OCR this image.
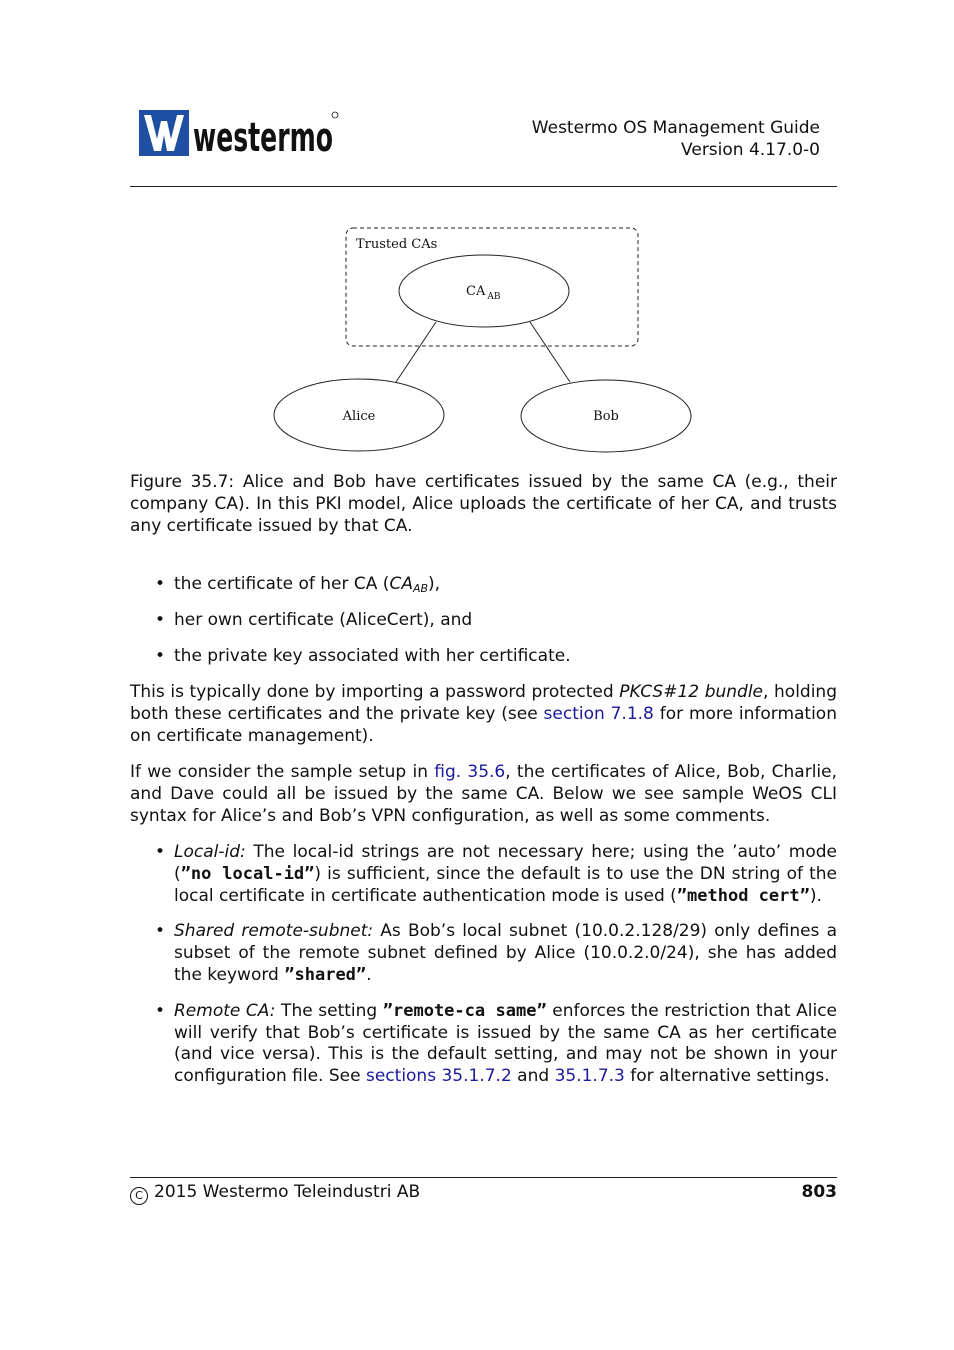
westermo	Westermo OS Management Guide
Version 4.17.0-0
Trusted CAs
CA $_{AB}$
Alice	Bob
Figure 35.7: Alice and Bob have certificates issued by the same CA (e.g., their company CA). In this PKI model, Alice uploads the certificate of her CA, and trusts any certificate issued by that CA.
• the certificate of her CA $(CA_{AB})$,
• her own certificate (AliceCert), and
• the private key associated with her certificate.
This is typically done by importing a password protected PKCS#12 bundle, holding both these certificates and the private key (see section 7.1.8 for more information on certificate management).
If we consider the sample setup in fig. 35.6, the certificates of Alice, Bob, Charlie, and Dave could all be issued by the same CA. Below we see sample WeOS CLI syntax for Alice’s and Bob’s VPN configuration, as well as some comments.
• Local-id: The local-id strings are not necessary here; using the ’auto’ mode (”no local-id”) is sufficient, since the default is to use the DN string of the local certificate in certificate authentication mode is used (”method cert”).
• Shared remote-subnet: As Bob’s local subnet (10.0.2.128/29) only defines a subset of the remote subnet defined by Alice (10.0.2.0/24), she has added the keyword ”shared”.
• Remote CA: The setting ”remote-ca same” enforces the restriction that Alice will verify that Bob’s certificate is issued by the same CA as her certificate (and vice versa). This is the default setting, and may not be shown in your configuration file. See sections 35.1.7.2 and 35.1.7.3 for alternative settings.
C 2015 Westermo Teleindustri AB	803
